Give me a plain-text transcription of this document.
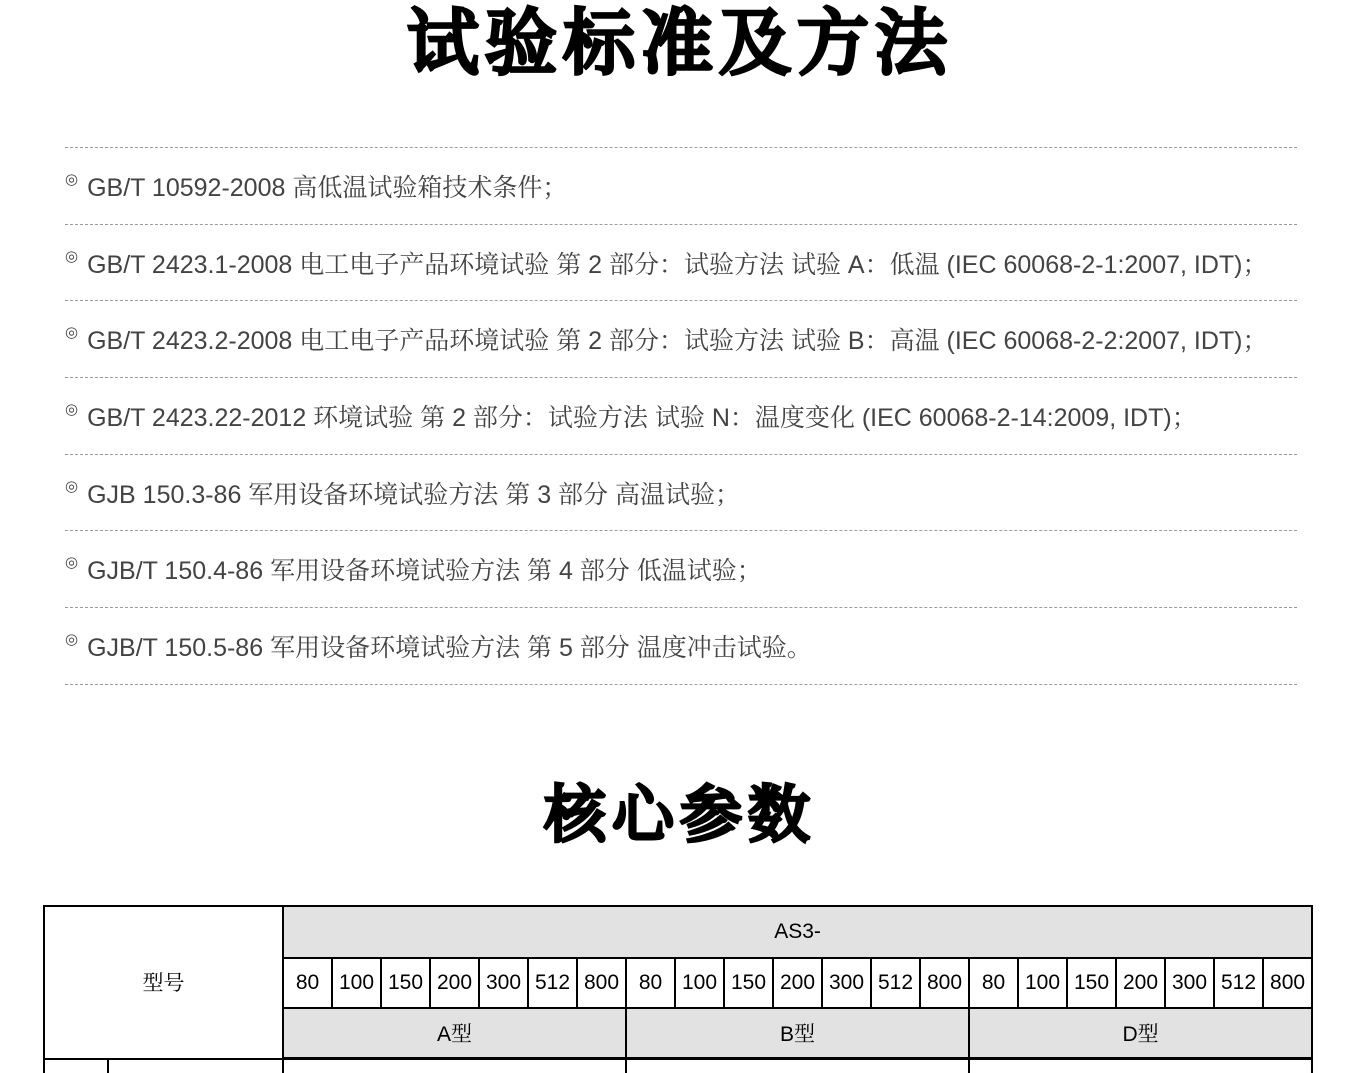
试验标准及方法
◎ GB/T 10592-2008 高低温试验箱技术条件；
◎ GB/T 2423.1-2008 电工电子产品环境试验 第 2 部分：试验方法 试验 A：低温 (IEC 60068-2-1:2007, IDT)；
◎ GB/T 2423.2-2008 电工电子产品环境试验 第 2 部分：试验方法 试验 B：高温 (IEC 60068-2-2:2007, IDT)；
◎ GB/T 2423.22-2012 环境试验 第 2 部分：试验方法 试验 N：温度变化 (IEC 60068-2-14:2009, IDT)；
◎ GJB 150.3-86 军用设备环境试验方法 第 3 部分 高温试验；
◎ GJB/T 150.4-86 军用设备环境试验方法 第 4 部分 低温试验；
◎ GJB/T 150.5-86 军用设备环境试验方法 第 5 部分 温度冲击试验。
核心参数
型号		AS3-																				
		80	100	150	200	300	512	800	80	100	150	200	300	512	800	80	100	150	200	300	512	800
		A型							B型							D型						
